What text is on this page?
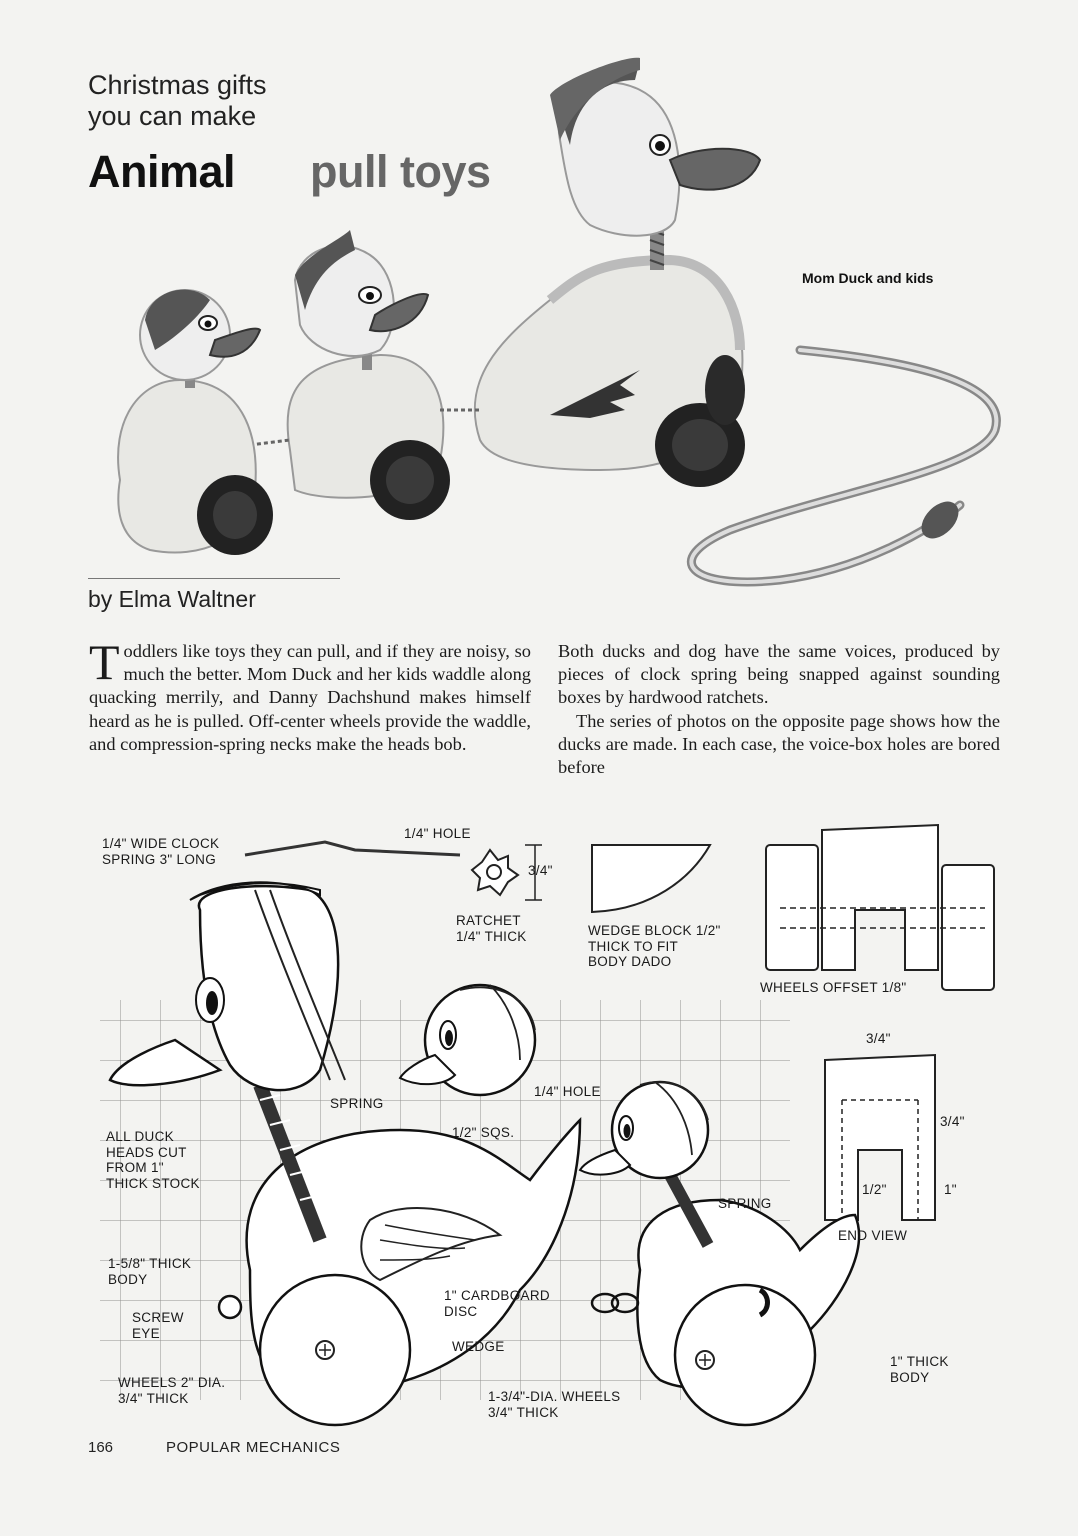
Christmas gifts
you can make
Animal pull toys
Mom Duck and kids
by Elma Waltner
Toddlers like toys they can pull, and if they are noisy, so much the better. Mom Duck and her kids waddle along quacking merrily, and Danny Dachshund makes himself heard as he is pulled. Off-center wheels provide the waddle, and compression-spring necks make the heads bob.

Both ducks and dog have the same voices, produced by pieces of clock spring being snapped against sounding boxes by hardwood ratchets.

The series of photos on the opposite page shows how the ducks are made. In each case, the voice-box holes are bored before

1/4" WIDE CLOCK
SPRING 3" LONG
1/4" HOLE
3/4"
RATCHET
1/4" THICK	WEDGE BLOCK 1/2"
THICK TO FIT
BODY DADO
WHEELS OFFSET 1/8"
3/4"
3/4"
1/2"	1"
END VIEW
1/4" HOLE
SPRING
1/2" SQS.
ALL DUCK
HEADS CUT
FROM 1"
THICK STOCK
SPRING
1-5/8" THICK
BODY
1" CARDBOARD
DISC
SCREW
EYE
WEDGE
WHEELS 2" DIA.
3/4" THICK	1-3/4"-DIA. WHEELS
3/4" THICK
1" THICK
BODY
166	POPULAR MECHANICS
